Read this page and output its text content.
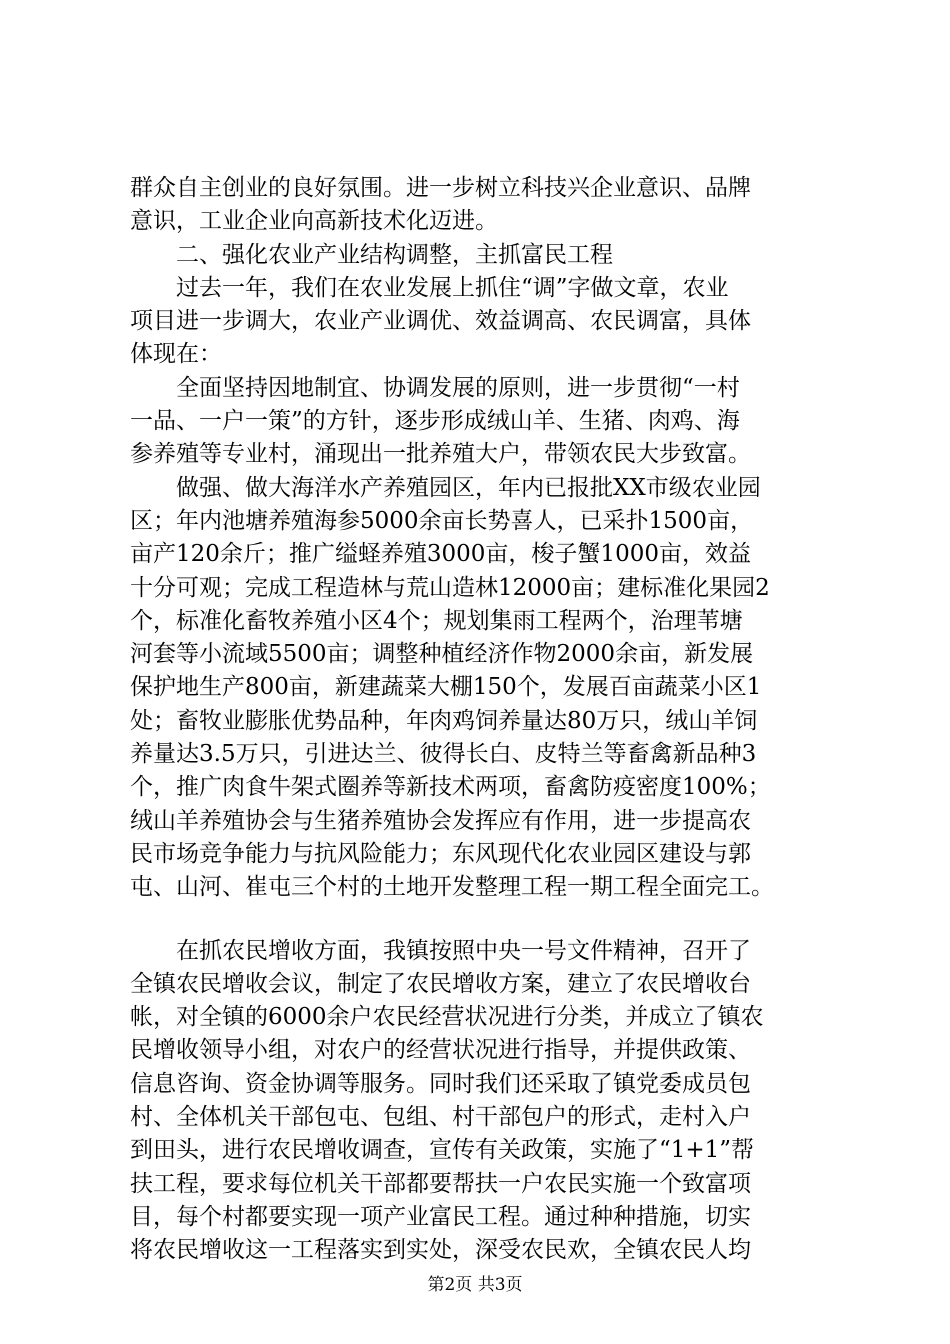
群众自主创业的良好氛围。进一步树立科技兴企业意识、品牌
意识，工业企业向高新技术化迈进。
　　二、强化农业产业结构调整，主抓富民工程
　　过去一年，我们在农业发展上抓住“调”字做文章，农业
项目进一步调大，农业产业调优、效益调高、农民调富，具体
体现在：
　　全面坚持因地制宜、协调发展的原则，进一步贯彻“一村
一品、一户一策”的方针，逐步形成绒山羊、生猪、肉鸡、海
参养殖等专业村，涌现出一批养殖大户，带领农民大步致富。
　　做强、做大海洋水产养殖园区，年内已报批XX市级农业园
区；年内池塘养殖海参5000余亩长势喜人，已采扑1500亩，
亩产120余斤；推广缢蛏养殖3000亩，梭子蟹1000亩，效益
十分可观；完成工程造林与荒山造林12000亩；建标准化果园2
个，标准化畜牧养殖小区4个；规划集雨工程两个，治理苇塘
河套等小流域5500亩；调整种植经济作物2000余亩，新发展
保护地生产800亩，新建蔬菜大棚150个，发展百亩蔬菜小区1
处；畜牧业膨胀优势品种，年肉鸡饲养量达80万只，绒山羊饲
养量达3.5万只，引进达兰、彼得长白、皮特兰等畜禽新品种3
个，推广肉食牛架式圈养等新技术两项，畜禽防疫密度100%；
绒山羊养殖协会与生猪养殖协会发挥应有作用，进一步提高农
民市场竞争能力与抗风险能力；东风现代化农业园区建设与郭
屯、山河、崔屯三个村的土地开发整理工程一期工程全面完工。
　　在抓农民增收方面，我镇按照中央一号文件精神，召开了
全镇农民增收会议，制定了农民增收方案，建立了农民增收台
帐，对全镇的6000余户农民经营状况进行分类，并成立了镇农
民增收领导小组，对农户的经营状况进行指导，并提供政策、
信息咨询、资金协调等服务。同时我们还采取了镇党委成员包
村、全体机关干部包屯、包组、村干部包户的形式，走村入户
到田头，进行农民增收调查，宣传有关政策，实施了“1+1”帮
扶工程，要求每位机关干部都要帮扶一户农民实施一个致富项
目，每个村都要实现一项产业富民工程。通过种种措施，切实
将农民增收这一工程落实到实处，深受农民欢，全镇农民人均
第2页 共3页
